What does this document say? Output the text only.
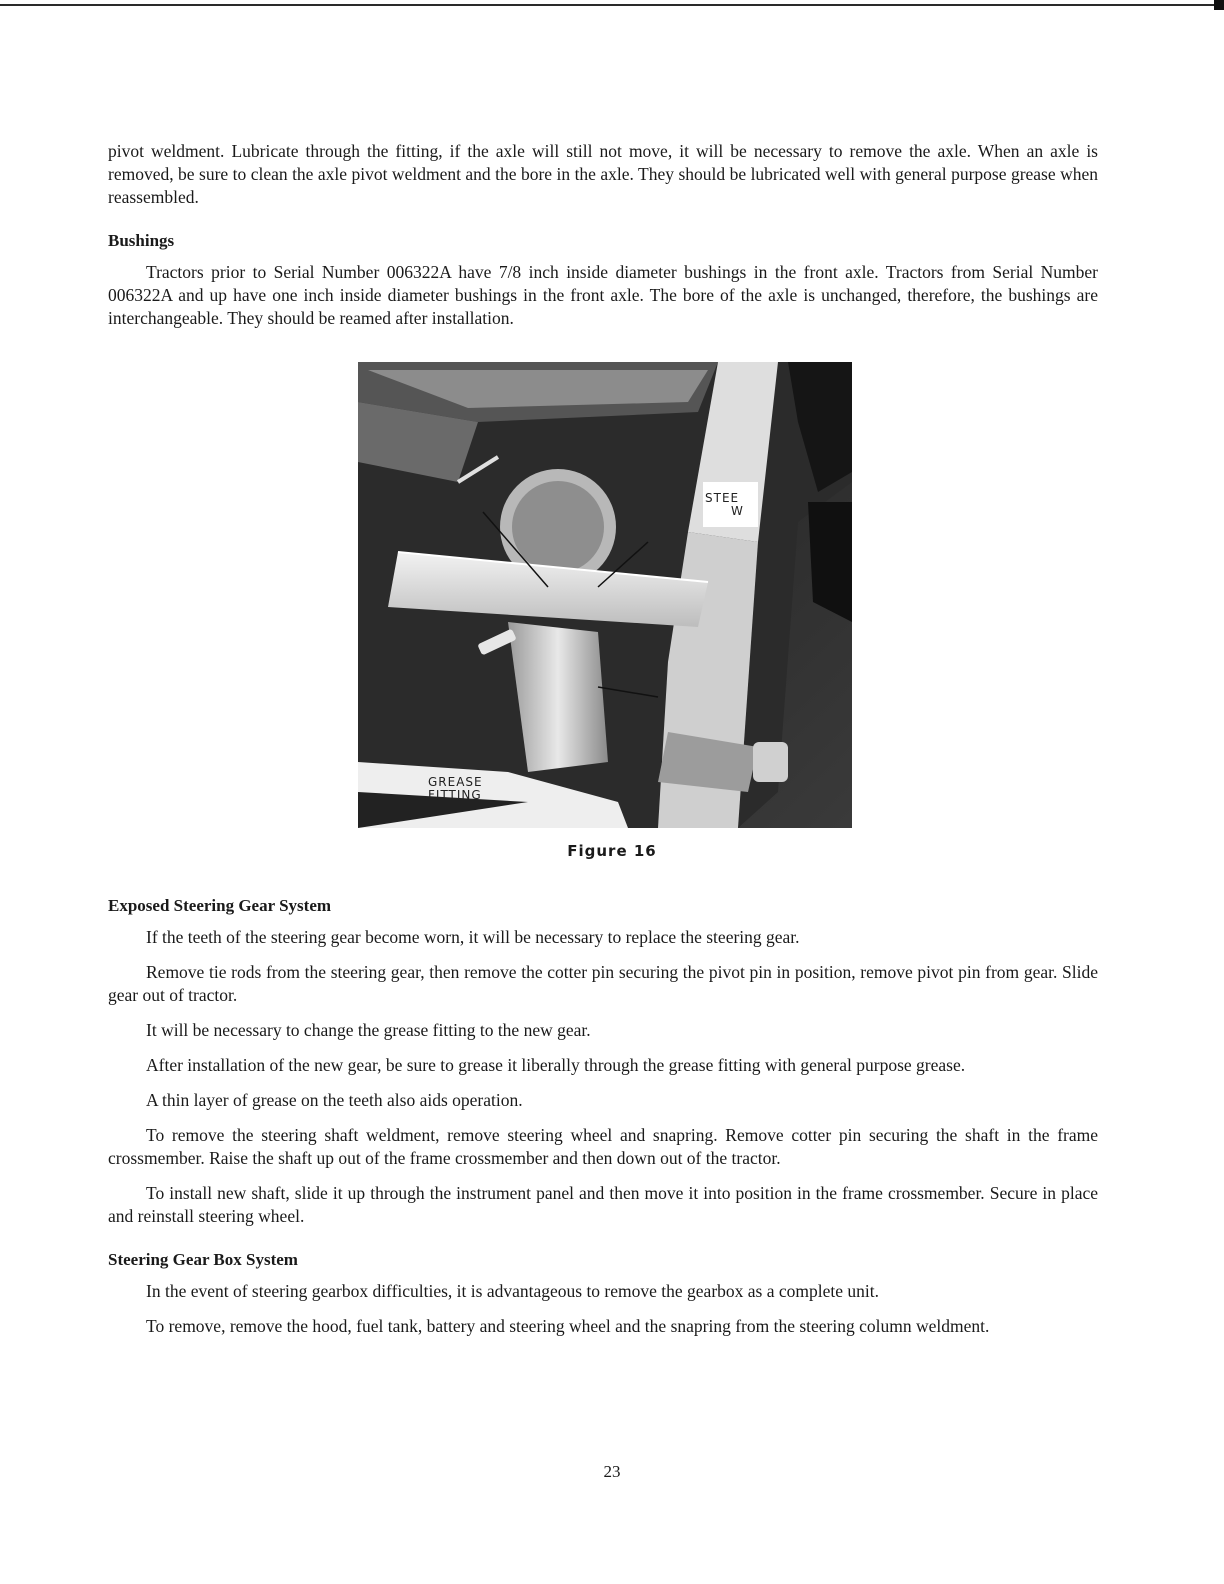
pivot weldment. Lubricate through the fitting, if the axle will still not move, it will be necessary to remove the axle. When an axle is removed, be sure to clean the axle pivot weldment and the bore in the axle. They should be lubricated well with general purpose grease when reassembled.

Bushings

Tractors prior to Serial Number 006322A have 7/8 inch inside diameter bushings in the front axle. Tractors from Serial Number 006322A and up have one inch inside diameter bushings in the front axle. The bore of the axle is unchanged, therefore, the bushings are interchangeable. They should be reamed after installation.

GREASE
FITTING
STEE
W
Figure 16
Exposed Steering Gear System

If the teeth of the steering gear become worn, it will be necessary to replace the steering gear.

Remove tie rods from the steering gear, then remove the cotter pin securing the pivot pin in position, remove pivot pin from gear. Slide gear out of tractor.

It will be necessary to change the grease fitting to the new gear.

After installation of the new gear, be sure to grease it liberally through the grease fitting with general purpose grease.

A thin layer of grease on the teeth also aids operation.

To remove the steering shaft weldment, remove steering wheel and snapring. Remove cotter pin securing the shaft in the frame crossmember. Raise the shaft up out of the frame crossmember and then down out of the tractor.

To install new shaft, slide it up through the instrument panel and then move it into position in the frame crossmember. Secure in place and reinstall steering wheel.

Steering Gear Box System

In the event of steering gearbox difficulties, it is advantageous to remove the gearbox as a complete unit.

To remove, remove the hood, fuel tank, battery and steering wheel and the snapring from the steering column weldment.

23
